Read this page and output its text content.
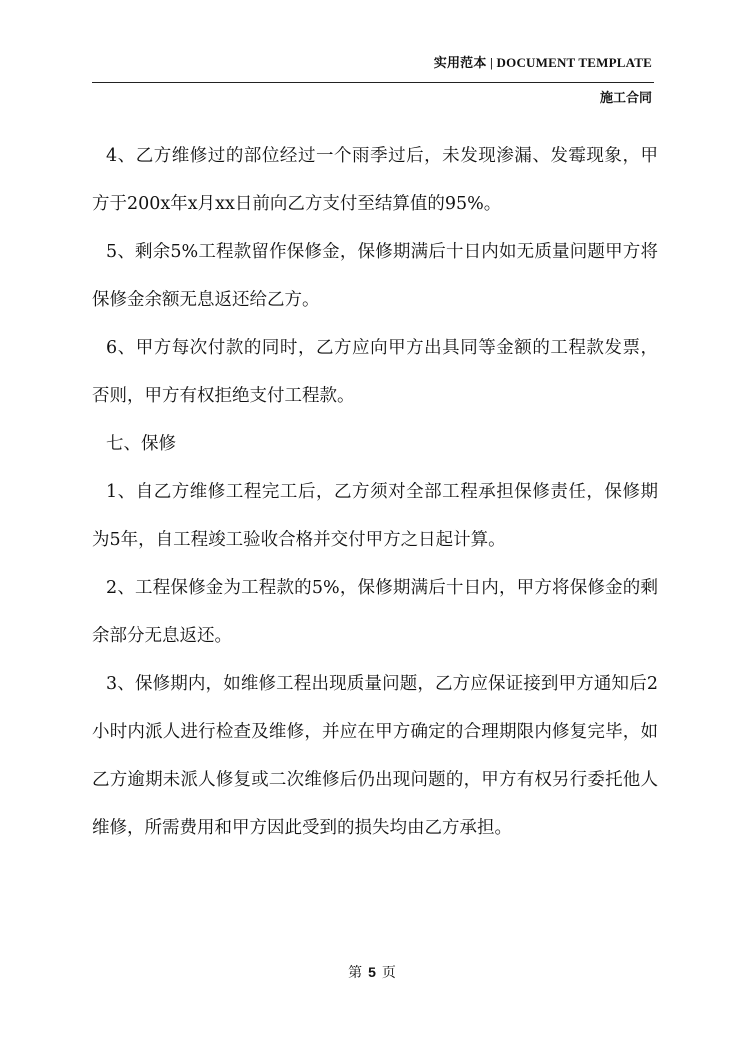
实用范本 | DOCUMENT TEMPLATE
施工合同

4、乙方维修过的部位经过一个雨季过后，未发现渗漏、发霉现象，甲方于200x年x月xx日前向乙方支付至结算值的95%。

5、剩余5%工程款留作保修金，保修期满后十日内如无质量问题甲方将保修金余额无息返还给乙方。

6、甲方每次付款的同时，乙方应向甲方出具同等金额的工程款发票，否则，甲方有权拒绝支付工程款。

七、保修

1、自乙方维修工程完工后，乙方须对全部工程承担保修责任，保修期为5年，自工程竣工验收合格并交付甲方之日起计算。

2、工程保修金为工程款的5%，保修期满后十日内，甲方将保修金的剩余部分无息返还。

3、保修期内，如维修工程出现质量问题，乙方应保证接到甲方通知后2小时内派人进行检查及维修，并应在甲方确定的合理期限内修复完毕，如乙方逾期未派人修复或二次维修后仍出现问题的，甲方有权另行委托他人维修，所需费用和甲方因此受到的损失均由乙方承担。

第 5 页
